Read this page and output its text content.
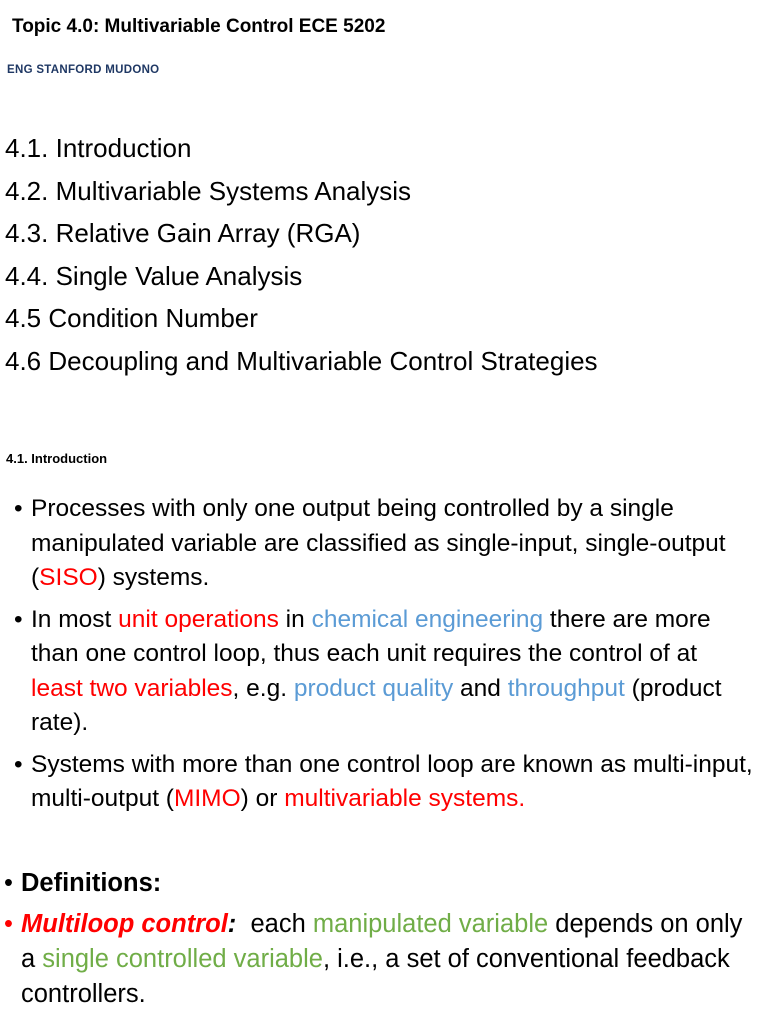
Topic 4.0: Multivariable Control ECE 5202
ENG STANFORD MUDONO
4.1. Introduction
4.2. Multivariable Systems Analysis
4.3. Relative Gain Array (RGA)
4.4. Single Value Analysis
4.5 Condition Number
4.6 Decoupling and Multivariable Control Strategies
4.1. Introduction
• Processes with only one output being controlled by a single manipulated variable are classified as single-input, single-output (SISO) systems.
• In most unit operations in chemical engineering there are more than one control loop, thus each unit requires the control of at least two variables, e.g. product quality and throughput (product rate).
• Systems with more than one control loop are known as multi-input, multi-output (MIMO) or multivariable systems.
• Definitions:
• Multiloop control:  each manipulated variable depends on only a single controlled variable, i.e., a set of conventional feedback controllers.
